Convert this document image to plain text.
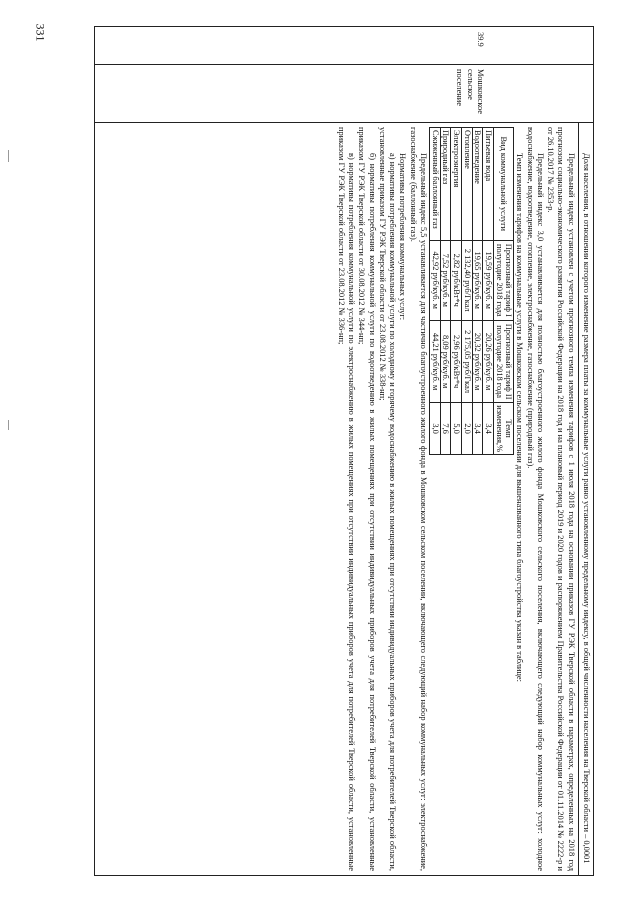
331	39.9
Мошковское сельское поселение

Доля населения, в отношении которого изменение размера платы за коммунальные услуги равно установленному предельному индексу, в общей численности населения на Тверской области – 0,0001

Предельный индекс установлен с учетом прогнозного темпа изменения тарифов с 1 июля 2018 года на основании приказов ГУ РЭК Тверской области в параметрах, определенных на 2018 год прогнозом социально-экономического развития Российской Федерации на 2018 год и на плановый период 2019 и 2020 годов и распоряжением Правительства Российской Федерации от 01.11.2014 № 2222-р и от 26.10.2017 № 2353-р.

Предельный индекс 3,0 устанавливается для полностью благоустроенного жилого фонда Мошковского сельского поселения, включающего следующий набор коммунальных услуг: холодное водоснабжение, водоотведение, отопление, электроснабжение, газоснабжение (природный газ).

Темп изменения тарифов на коммунальные услуги в Мошковском сельском поселении для вышеназванного типа благоустройства указан в таблице:

Вид коммунальной услуги	Прогнозный тариф I полугодие 2018 года	Прогнозный тариф II полугодие 2018 года	Темп изменения,%
Питьевая вода	19,59 руб/куб. м	20,26 руб/куб. м	3,4
Водоотведение	19,65 руб/куб. м	20,32 руб/куб. м	3,4
Отопление	2 132,40 руб/Гкал	2 175,05 руб/Гкал	2,0
Электроэнергия	2,82 руб/кВт*ч	2,96 руб/кВт*ч	5,0
Природный газ	7,52 руб/куб. м	8,09 руб/куб. м	7,6
Сжиженный баллонный газ	42,92 руб/куб. м	44,21 руб/куб. м	3,0

Предельный индекс 5,5 устанавливается для частично благоустроенного жилого фонда в Мошковском сельском поселении, включающего следующий набор коммунальных услуг: электроснабжение, газоснабжение (баллонный газ).

Нормативы потребления коммунальных услуг:

а) нормативы потребления коммунальной услуги по холодному и горячему водоснабжению в жилых помещениях при отсутствии индивидуальных приборов учета для потребителей Тверской области, установленные приказом ГУ РЭК Тверской области от 23.08.2012 № 338-нп;

б) нормативы потребления коммунальной услуги по водоотведению в жилых помещениях при отсутствии индивидуальных приборов учета для потребителей Тверской области, установленные приказом ГУ РЭК Тверской области от 30.08.2012 № 344-нп;

в) нормативы потребления коммунальной услуги по электроснабжению в жилых помещениях при отсутствии индивидуальных приборов учета для потребителей Тверской области, установленные приказом ГУ РЭК Тверской области от 23.08.2012 № 336-нп;
